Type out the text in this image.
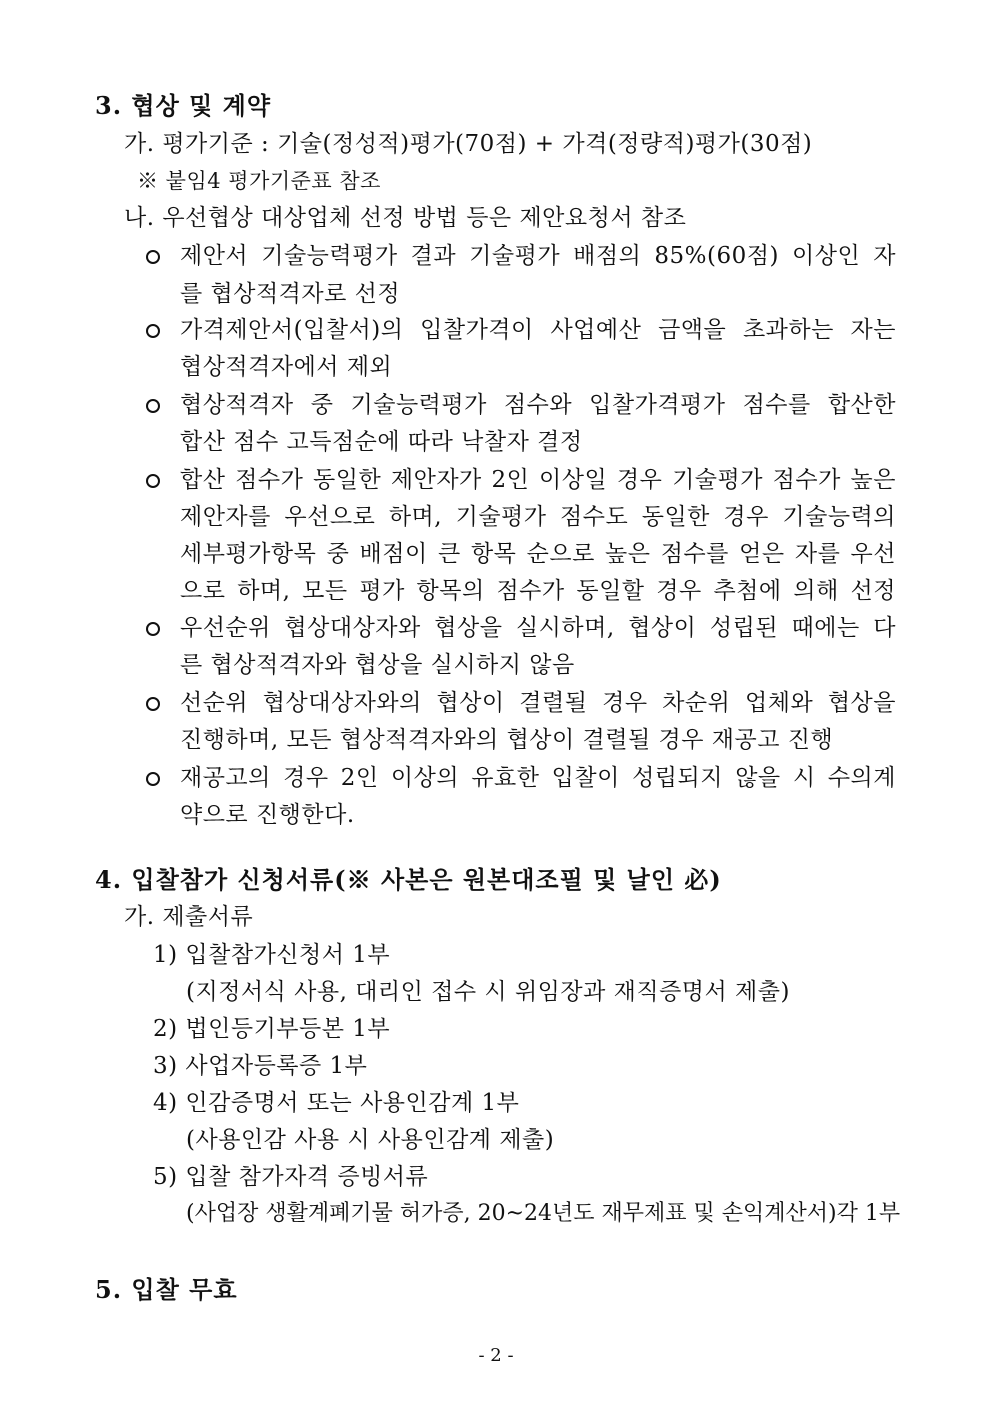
3. 협상 및 계약
가. 평가기준 : 기술(정성적)평가(70점) + 가격(정량적)평가(30점)
※ 붙임4 평가기준표 참조
나. 우선협상 대상업체 선정 방법 등은 제안요청서 참조
제안서 기술능력평가 결과 기술평가 배점의 85%(60점) 이상인 자
를 협상적격자로 선정
가격제안서(입찰서)의 입찰가격이 사업예산 금액을 초과하는 자는
협상적격자에서 제외
협상적격자 중 기술능력평가 점수와 입찰가격평가 점수를 합산한
합산 점수 고득점순에 따라 낙찰자 결정
합산 점수가 동일한 제안자가 2인 이상일 경우 기술평가 점수가 높은
제안자를 우선으로 하며, 기술평가 점수도 동일한 경우 기술능력의
세부평가항목 중 배점이 큰 항목 순으로 높은 점수를 얻은 자를 우선
으로 하며, 모든 평가 항목의 점수가 동일할 경우 추첨에 의해 선정
우선순위 협상대상자와 협상을 실시하며, 협상이 성립된 때에는 다
른 협상적격자와 협상을 실시하지 않음
선순위 협상대상자와의 협상이 결렬될 경우 차순위 업체와 협상을
진행하며, 모든 협상적격자와의 협상이 결렬될 경우 재공고 진행
재공고의 경우 2인 이상의 유효한 입찰이 성립되지 않을 시 수의계
약으로 진행한다.
4. 입찰참가 신청서류(※ 사본은 원본대조필 및 날인 必)
가. 제출서류
1) 입찰참가신청서 1부
(지정서식 사용, 대리인 접수 시 위임장과 재직증명서 제출)
2) 법인등기부등본 1부
3) 사업자등록증 1부
4) 인감증명서 또는 사용인감계 1부
(사용인감 사용 시 사용인감계 제출)
5) 입찰 참가자격 증빙서류
(사업장 생활계폐기물 허가증, 20~24년도 재무제표 및 손익계산서)각 1부
5. 입찰 무효
- 2 -
